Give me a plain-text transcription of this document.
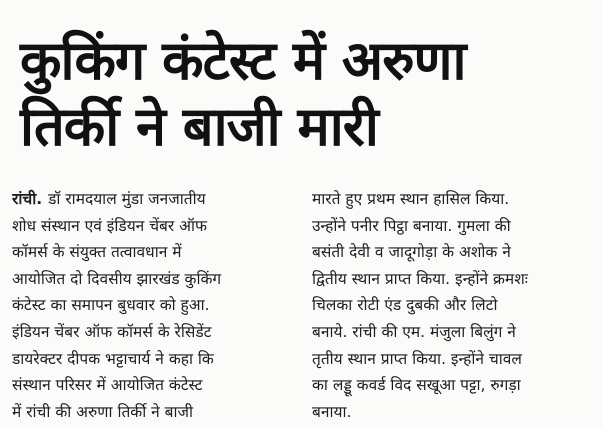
कुकिंग कंटेस्ट में अरुणा
तिर्की ने बाजी मारी
रांची. डॉ रामदयाल मुंडा जनजातीय
शोध संस्थान एवं इंडियन चेंबर ऑफ
कॉमर्स के संयुक्त तत्वावधान में
आयोजित दो दिवसीय झारखंड कुकिंग
कंटेस्ट का समापन बुधवार को हुआ.
इंडियन चेंबर ऑफ कॉमर्स के रेसिडेंट
डायरेक्टर दीपक भट्टाचार्य ने कहा कि
संस्थान परिसर में आयोजित कंटेस्ट
में रांची की अरुणा तिर्की ने बाजी
मारते हुए प्रथम स्थान हासिल किया.
उन्होंने पनीर पिट्ठा बनाया. गुमला की
बसंती देवी व जादूगोड़ा के अशोक ने
द्वितीय स्थान प्राप्त किया. इन्होंने क्रमशः
चिलका रोटी एंड दुबकी और लिटो
बनाये. रांची की एम. मंजुला बिलुंग ने
तृतीय स्थान प्राप्त किया. इन्होंने चावल
का लड्डू कवर्ड विद सखूआ पट्टा, रुगड़ा
बनाया.
